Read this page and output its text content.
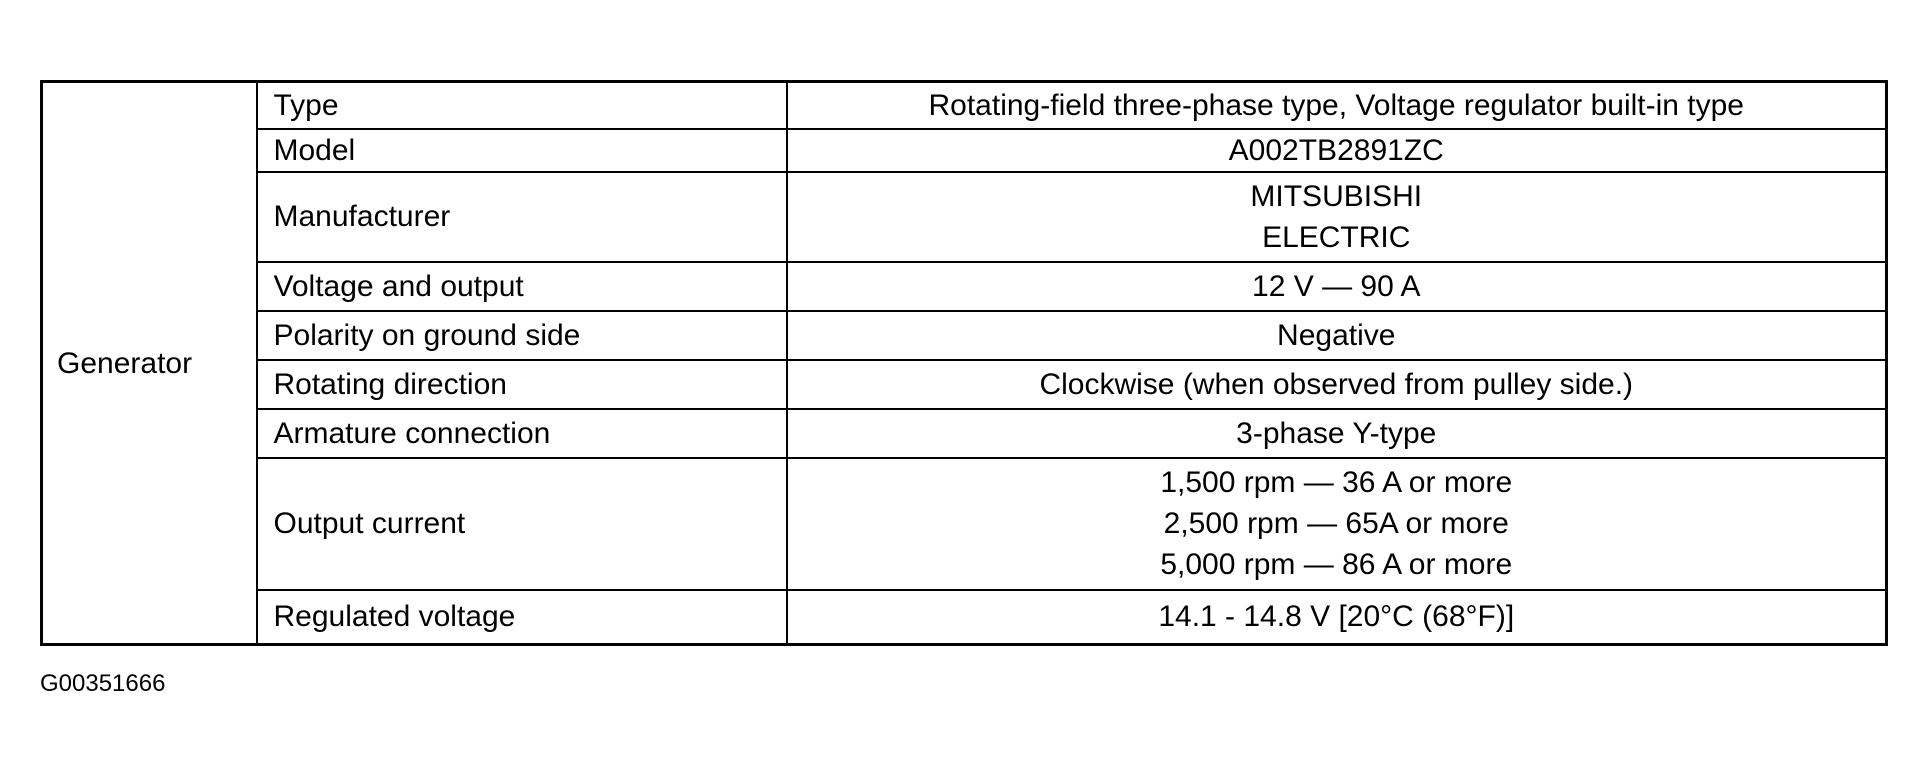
Generator	Type	Rotating-field three-phase type, Voltage regulator built-in type

	Model	A002TB2891ZC

	Manufacturer	MITSUBISHI
ELECTRIC

	Voltage and output	12 V — 90 A

	Polarity on ground side	Negative

	Rotating direction	Clockwise (when observed from pulley side.)

	Armature connection	3-phase Y-type

	Output current	1,500 rpm — 36 A or more
2,500 rpm — 65A or more
5,000 rpm — 86 A or more

	Regulated voltage	14.1 - 14.8 V [20°C (68°F)]
G00351666
